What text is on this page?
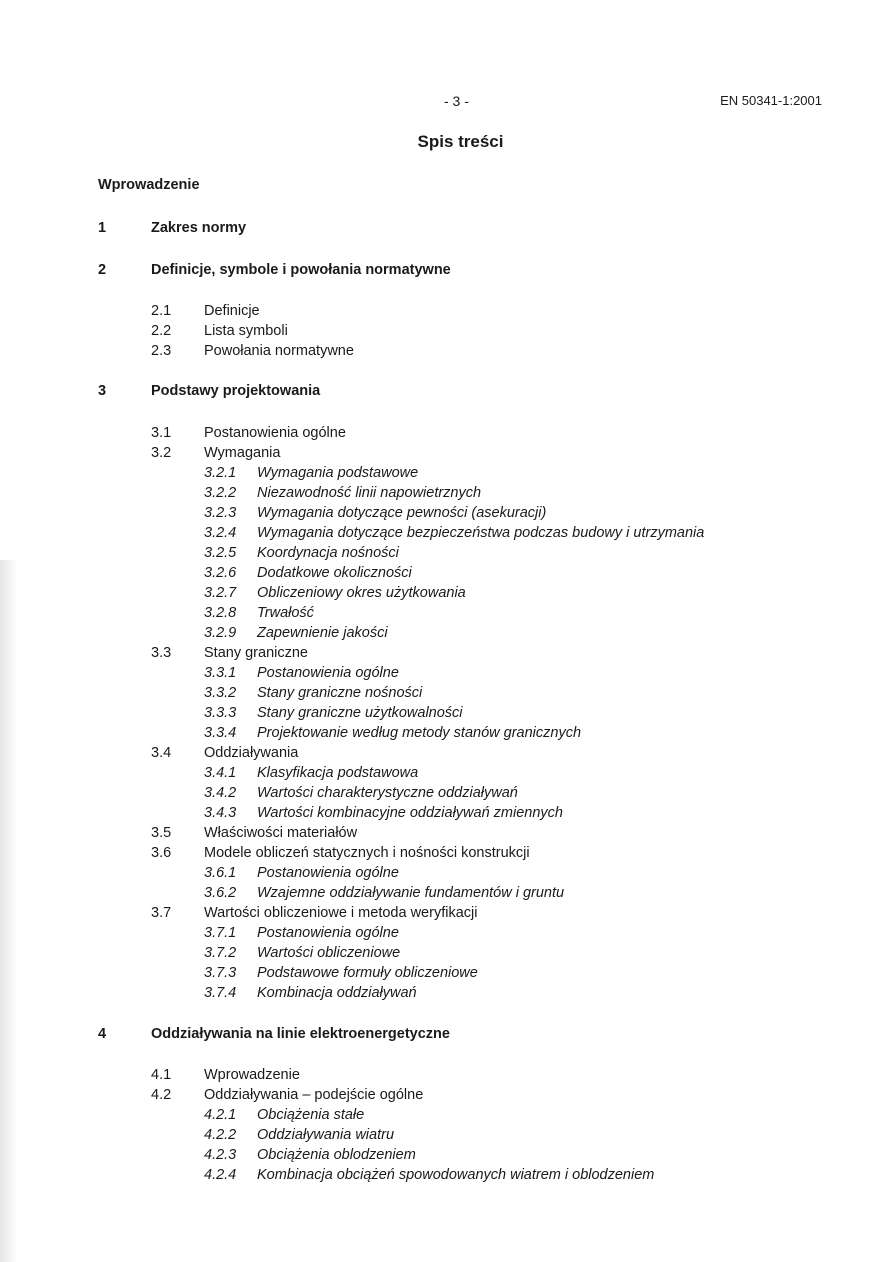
- 3 -	EN 50341-1:2001
Spis treści
Wprowadzenie
1	Zakres normy
2	Definicje, symbole i powołania normatywne
2.1 Definicje
2.2 Lista symboli
2.3 Powołania normatywne
3	Podstawy projektowania
3.1 Postanowienia ogólne
3.2 Wymagania
3.2.1 Wymagania podstawowe
3.2.2 Niezawodność linii napowietrznych
3.2.3 Wymagania dotyczące pewności (asekuracji)
3.2.4 Wymagania dotyczące bezpieczeństwa podczas budowy i utrzymania
3.2.5 Koordynacja nośności
3.2.6 Dodatkowe okoliczności
3.2.7 Obliczeniowy okres użytkowania
3.2.8 Trwałość
3.2.9 Zapewnienie jakości
3.3 Stany graniczne
3.3.1 Postanowienia ogólne
3.3.2 Stany graniczne nośności
3.3.3 Stany graniczne użytkowalności
3.3.4 Projektowanie według metody stanów granicznych
3.4 Oddziaływania
3.4.1 Klasyfikacja podstawowa
3.4.2 Wartości charakterystyczne oddziaływań
3.4.3 Wartości kombinacyjne oddziaływań zmiennych
3.5 Właściwości materiałów
3.6 Modele obliczeń statycznych i nośności konstrukcji
3.6.1 Postanowienia ogólne
3.6.2 Wzajemne oddziaływanie fundamentów i gruntu
3.7 Wartości obliczeniowe i metoda weryfikacji
3.7.1 Postanowienia ogólne
3.7.2 Wartości obliczeniowe
3.7.3 Podstawowe formuły obliczeniowe
3.7.4 Kombinacja oddziaływań
4	Oddziaływania na linie elektroenergetyczne
4.1 Wprowadzenie
4.2 Oddziaływania – podejście ogólne
4.2.1 Obciążenia stałe
4.2.2 Oddziaływania wiatru
4.2.3 Obciążenia oblodzeniem
4.2.4 Kombinacja obciążeń spowodowanych wiatrem i oblodzeniem
